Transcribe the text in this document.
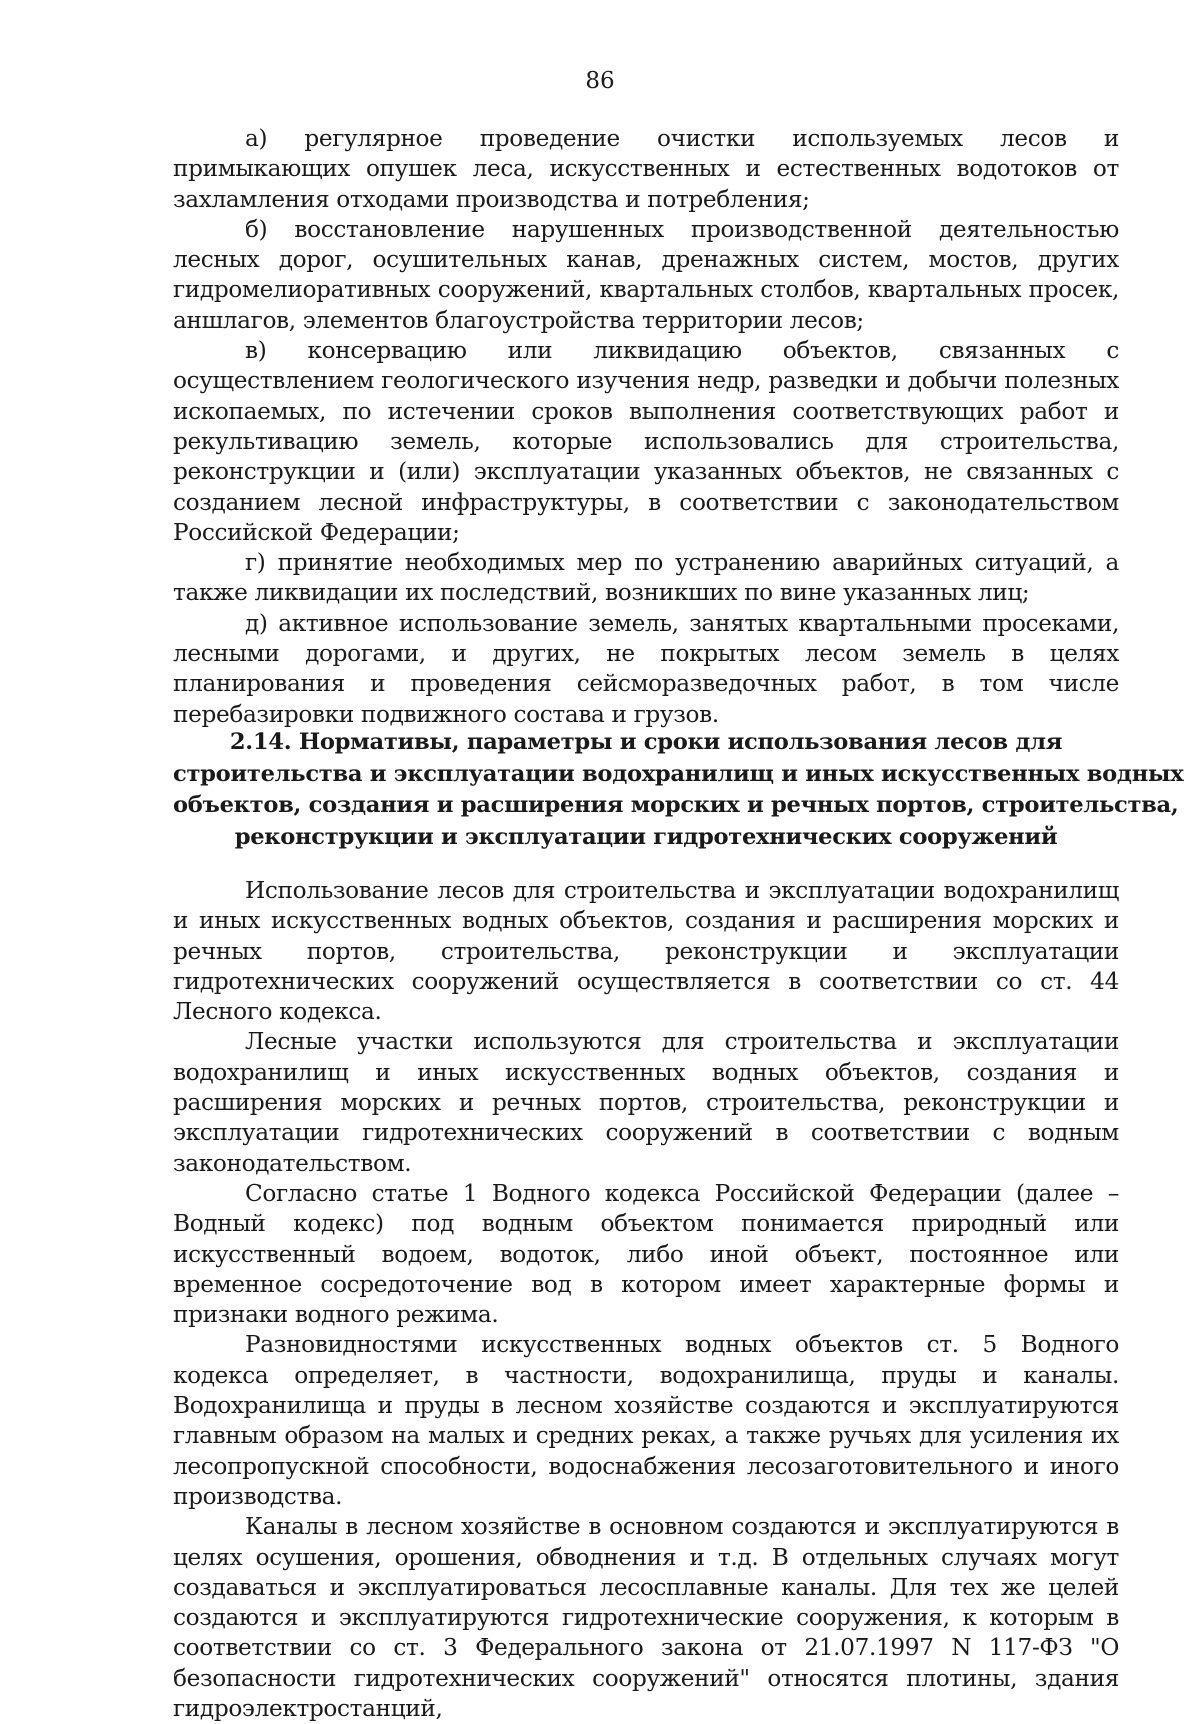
86

а) регулярное проведение очистки используемых лесов и примыкающих опушек леса, искусственных и естественных водотоков от захламления отходами производства и потребления;

б) восстановление нарушенных производственной деятельностью лесных дорог, осушительных канав, дренажных систем, мостов, других гидромелиоративных сооружений, квартальных столбов, квартальных просек, аншлагов, элементов благоустройства территории лесов;

в) консервацию или ликвидацию объектов, связанных с осуществлением геологического изучения недр, разведки и добычи полезных ископаемых, по истечении сроков выполнения соответствующих работ и рекультивацию земель, которые использовались для строительства, реконструкции и (или) эксплуатации указанных объектов, не связанных с созданием лесной инфраструктуры, в соответствии с законодательством Российской Федерации;

г) принятие необходимых мер по устранению аварийных ситуаций, а также ликвидации их последствий, возникших по вине указанных лиц;

д) активное использование земель, занятых квартальными просеками, лесными дорогами, и других, не покрытых лесом земель в целях планирования и проведения сейсморазведочных работ, в том числе перебазировки подвижного состава и грузов.

2.14. Нормативы, параметры и сроки использования лесов для
строительства и эксплуатации водохранилищ и иных искусственных водных
объектов, создания и расширения морских и речных портов, строительства,
реконструкции и эксплуатации гидротехнических сооружений

Использование лесов для строительства и эксплуатации водохранилищ и иных искусственных водных объектов, создания и расширения морских и речных портов, строительства, реконструкции и эксплуатации гидротехнических сооружений осуществляется в соответствии со ст. 44 Лесного кодекса.

Лесные участки используются для строительства и эксплуатации водохранилищ и иных искусственных водных объектов, создания и расширения морских и речных портов, строительства, реконструкции и эксплуатации гидротехнических сооружений в соответствии с водным законодательством.

Согласно статье 1 Водного кодекса Российской Федерации (далее – Водный кодекс) под водным объектом понимается природный или искусственный водоем, водоток, либо иной объект, постоянное или временное сосредоточение вод в котором имеет характерные формы и признаки водного режима.

Разновидностями искусственных водных объектов ст. 5 Водного кодекса определяет, в частности, водохранилища, пруды и каналы. Водохранилища и пруды в лесном хозяйстве создаются и эксплуатируются главным образом на малых и средних реках, а также ручьях для усиления их лесопропускной способности, водоснабжения лесозаготовительного и иного производства.

Каналы в лесном хозяйстве в основном создаются и эксплуатируются в целях осушения, орошения, обводнения и т.д. В отдельных случаях могут создаваться и эксплуатироваться лесосплавные каналы. Для тех же целей создаются и эксплуатируются гидротехнические сооружения, к которым в соответствии со ст. 3 Федерального закона от 21.07.1997 N 117-ФЗ "О безопасности гидротехнических сооружений" относятся плотины, здания гидроэлектростанций,
